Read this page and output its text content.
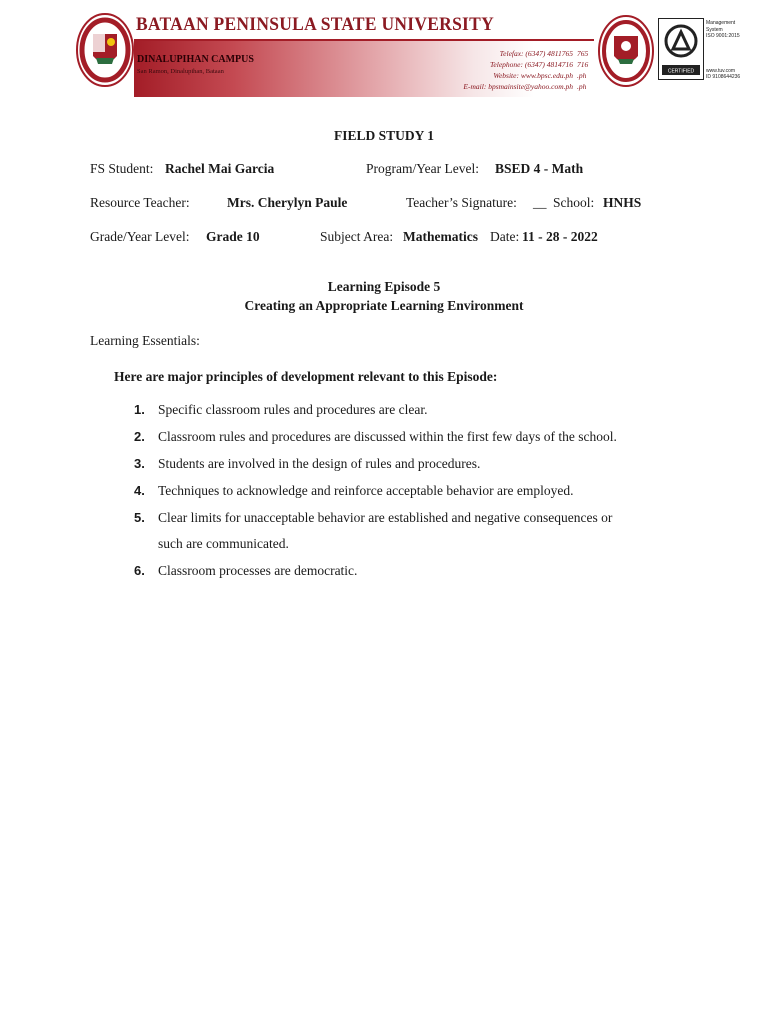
BATAAN PENINSULA STATE UNIVERSITY
DINALUPIHAN CAMPUS
San Ramon, Dinalupihan, Bataan
Telefax: (6347) 4811765
Telephone: (6347) 4814716
Website: www.bpsc.edu.ph
E-mail: bpsmainsite@yahoo.com.ph
765
716
.ph
.ph
CERTIFIED
Management
System
ISO 9001:2015
www.tuv.com
ID 9108644236
FIELD STUDY 1
FS Student: Rachel Mai Garcia	Program/Year Level: BSED 4 - Math
Resource Teacher:	Mrs. Cherylyn Paule	Teacher’s Signature: __ School: HNHS
Grade/Year Level: Grade 10	Subject Area: Mathematics Date: 11 - 28 - 2022
Learning Episode 5
Creating an Appropriate Learning Environment
Learning Essentials:
Here are major principles of development relevant to this Episode:
1. Specific classroom rules and procedures are clear.
2. Classroom rules and procedures are discussed within the first few days of the school.
3. Students are involved in the design of rules and procedures.
4. Techniques to acknowledge and reinforce acceptable behavior are employed.
5. Clear limits for unacceptable behavior are established and negative consequences or
such are communicated.
6. Classroom processes are democratic.
